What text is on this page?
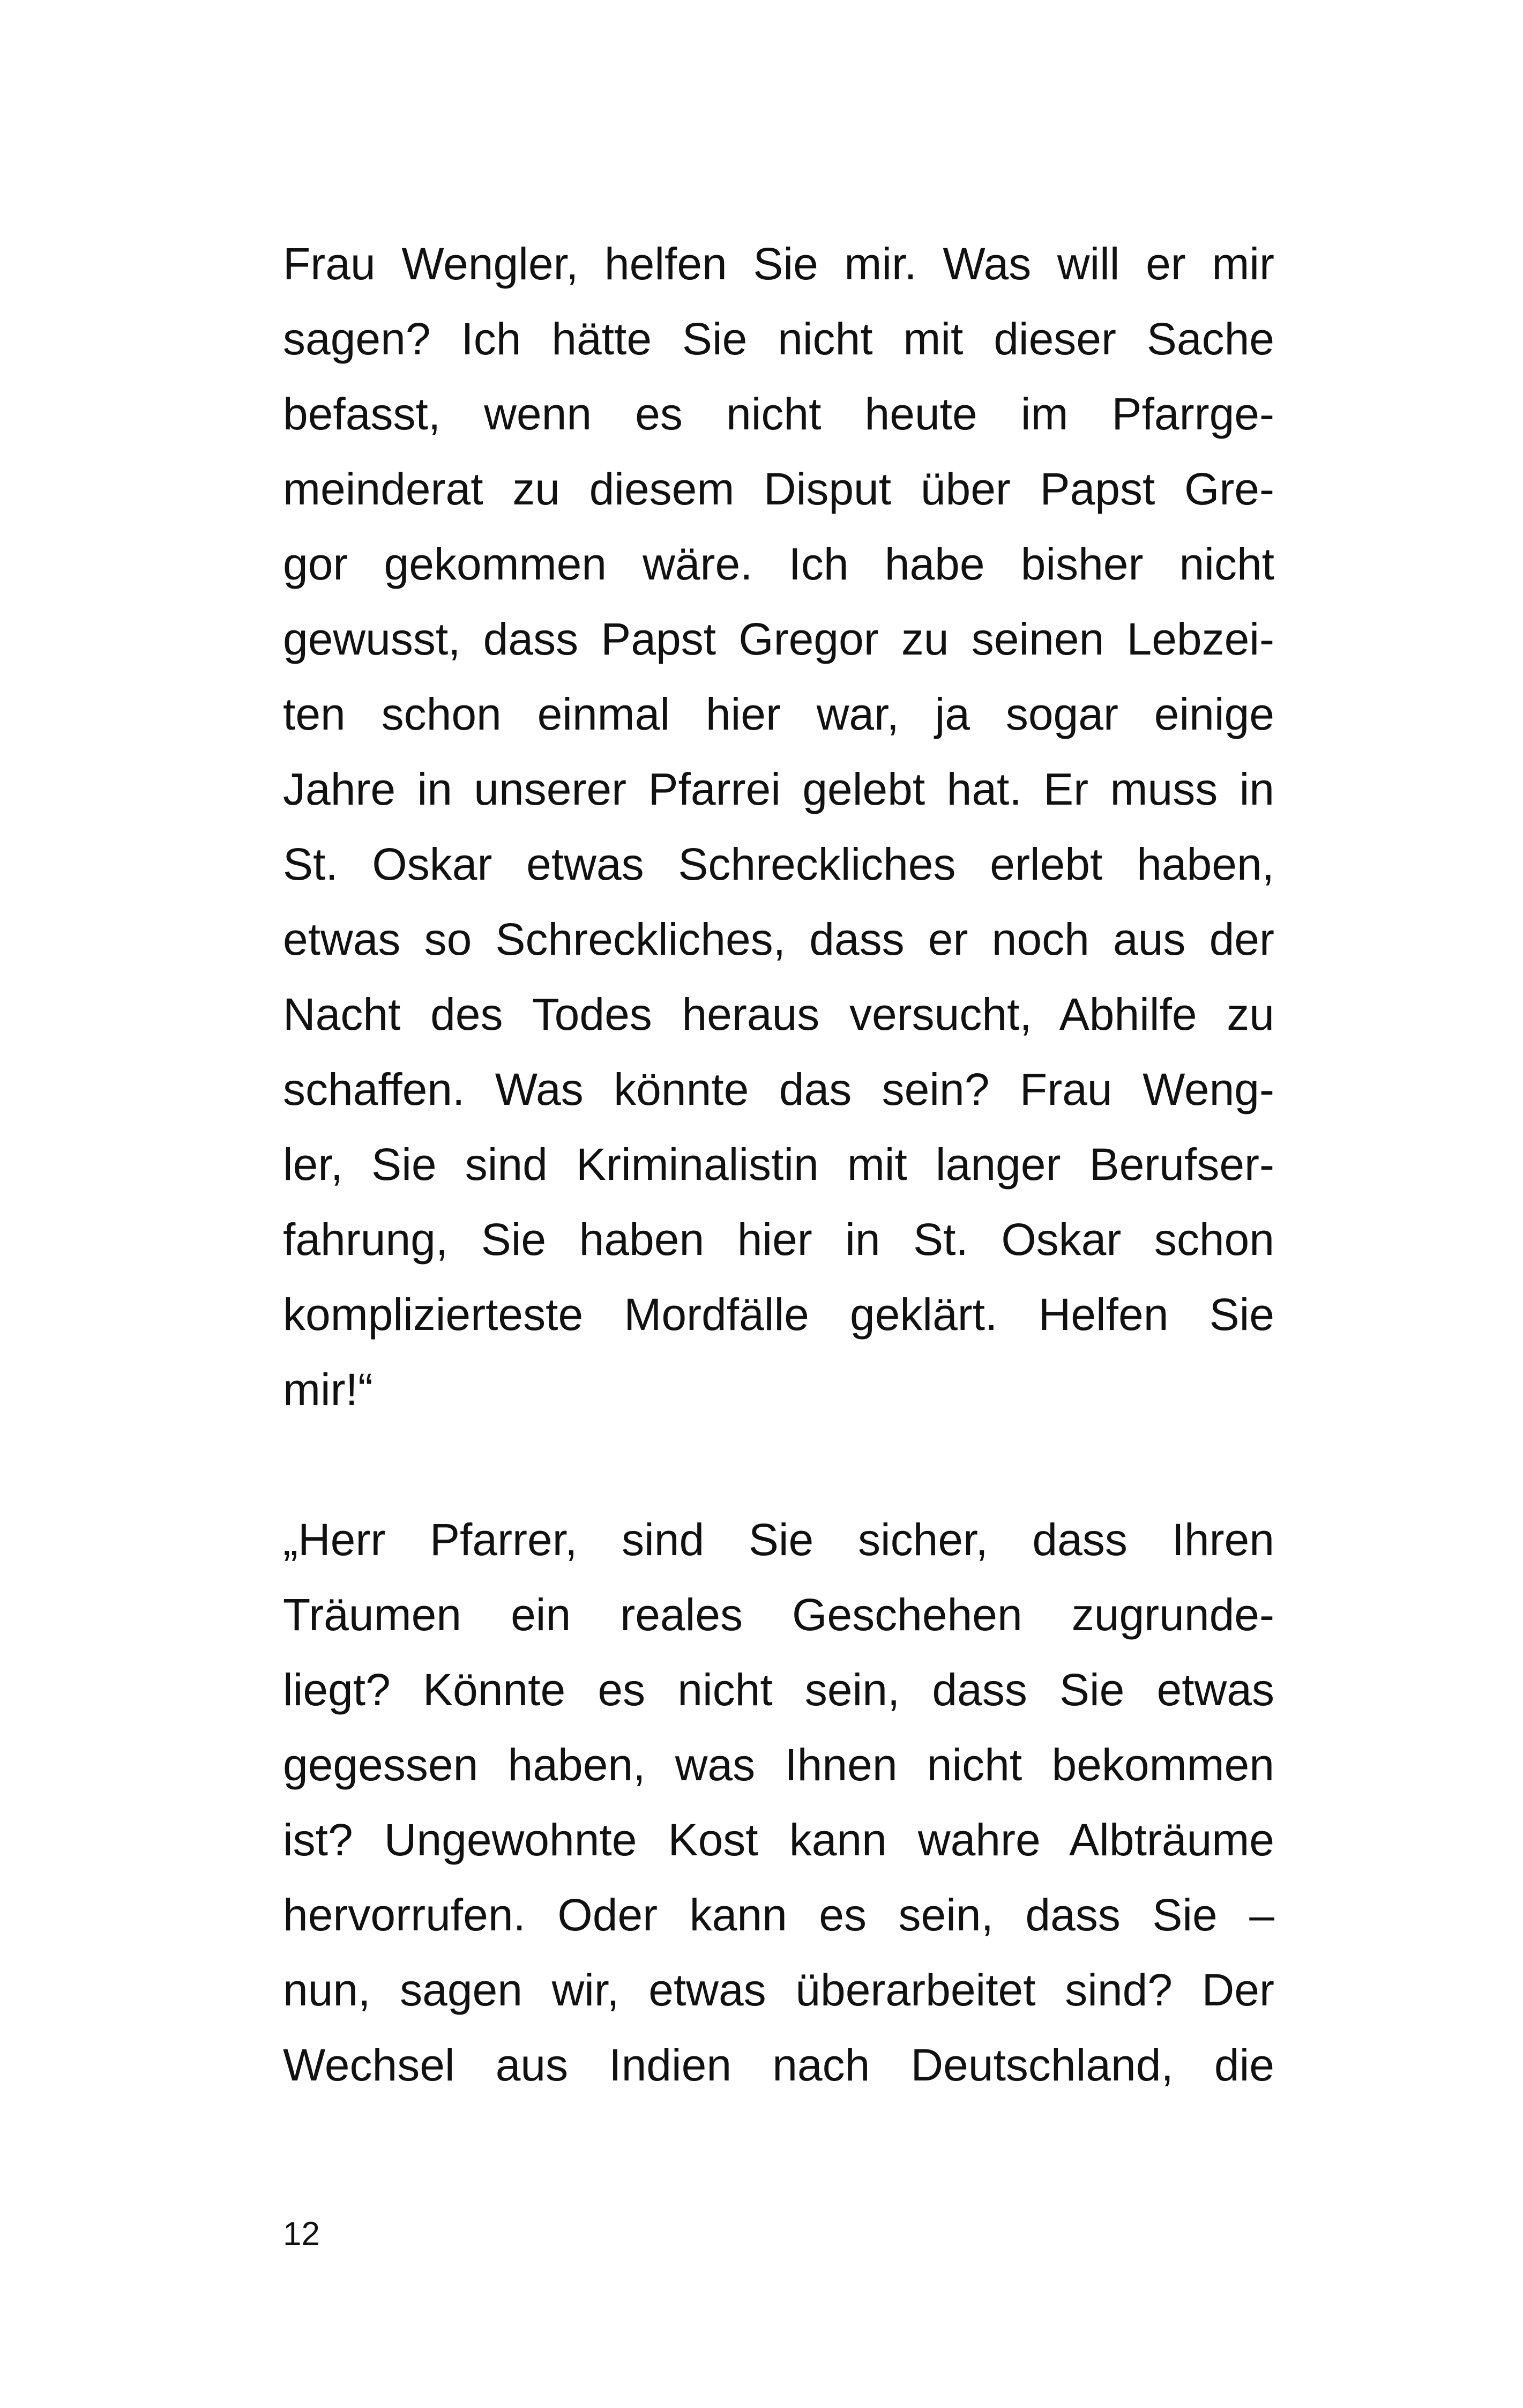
Frau Wengler, helfen Sie mir. Was will er mir
sagen? Ich hätte Sie nicht mit dieser Sache
befasst, wenn es nicht heute im Pfarrge-
meinderat zu diesem Disput über Papst Gre-
gor gekommen wäre. Ich habe bisher nicht
gewusst, dass Papst Gregor zu seinen Lebzei-
ten schon einmal hier war, ja sogar einige
Jahre in unserer Pfarrei gelebt hat. Er muss in
St. Oskar etwas Schreckliches erlebt haben,
etwas so Schreckliches, dass er noch aus der
Nacht des Todes heraus versucht, Abhilfe zu
schaffen. Was könnte das sein? Frau Weng-
ler, Sie sind Kriminalistin mit langer Berufser-
fahrung, Sie haben hier in St. Oskar schon
kompliziertestе Mordfälle geklärt. Helfen Sie
mir!“
„Herr Pfarrer, sind Sie sicher, dass Ihren
Träumen ein reales Geschehen zugrunde-
liegt? Könnte es nicht sein, dass Sie etwas
gegessen haben, was Ihnen nicht bekommen
ist? Ungewohnte Kost kann wahre Albträume
hervorrufen. Oder kann es sein, dass Sie –
nun, sagen wir, etwas überarbeitet sind? Der
Wechsel aus Indien nach Deutschland, die
12
